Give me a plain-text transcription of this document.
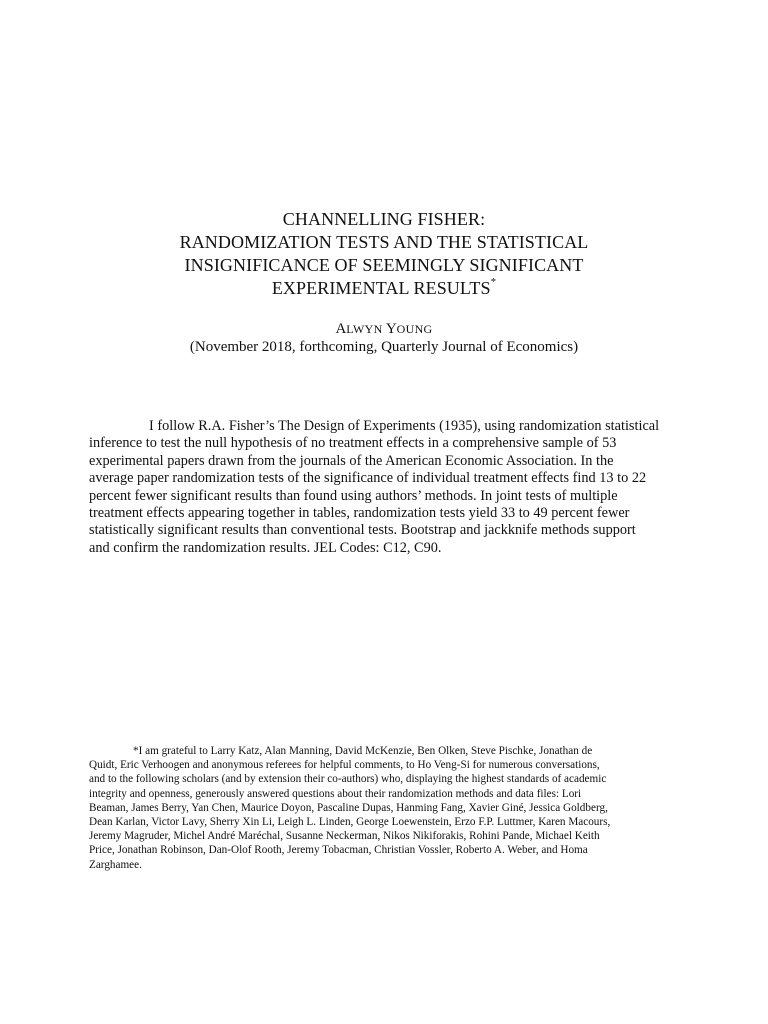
CHANNELLING FISHER:
RANDOMIZATION TESTS AND THE STATISTICAL
INSIGNIFICANCE OF SEEMINGLY SIGNIFICANT
EXPERIMENTAL RESULTS*
ALWYN YOUNG
(November 2018, forthcoming, Quarterly Journal of Economics)
I follow R.A. Fisher’s The Design of Experiments (1935), using randomization statistical
inference to test the null hypothesis of no treatment effects in a comprehensive sample of 53
experimental papers drawn from the journals of the American Economic Association. In the
average paper randomization tests of the significance of individual treatment effects find 13 to 22
percent fewer significant results than found using authors’ methods. In joint tests of multiple
treatment effects appearing together in tables, randomization tests yield 33 to 49 percent fewer
statistically significant results than conventional tests. Bootstrap and jackknife methods support
and confirm the randomization results. JEL Codes: C12, C90.
*I am grateful to Larry Katz, Alan Manning, David McKenzie, Ben Olken, Steve Pischke, Jonathan de
Quidt, Eric Verhoogen and anonymous referees for helpful comments, to Ho Veng-Si for numerous conversations,
and to the following scholars (and by extension their co-authors) who, displaying the highest standards of academic
integrity and openness, generously answered questions about their randomization methods and data files: Lori
Beaman, James Berry, Yan Chen, Maurice Doyon, Pascaline Dupas, Hanming Fang, Xavier Giné, Jessica Goldberg,
Dean Karlan, Victor Lavy, Sherry Xin Li, Leigh L. Linden, George Loewenstein, Erzo F.P. Luttmer, Karen Macours,
Jeremy Magruder, Michel André Maréchal, Susanne Neckerman, Nikos Nikiforakis, Rohini Pande, Michael Keith
Price, Jonathan Robinson, Dan-Olof Rooth, Jeremy Tobacman, Christian Vossler, Roberto A. Weber, and Homa
Zarghamee.
